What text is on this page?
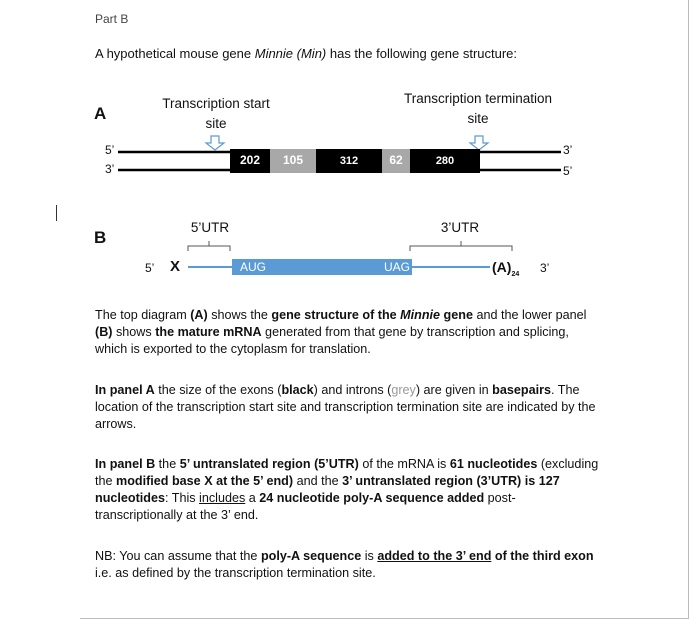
Part B
A hypothetical mouse gene Minnie (Min) has the following gene structure:
A
Transcription start
site
Transcription termination
site
5’
3’
3’
5’
202	105	312	62	280
B
5’UTR	3’UTR
5’ X	AUG	UAG	$(A)_{24}$ 3’
The top diagram (A) shows the gene structure of the Minnie gene and the lower panel (B) shows the mature mRNA generated from that gene by transcription and splicing, which is exported to the cytoplasm for translation.
In panel A the size of the exons (black) and introns (grey) are given in basepairs. The location of the transcription start site and transcription termination site are indicated by the arrows.
In panel B the 5’ untranslated region (5’UTR) of the mRNA is 61 nucleotides (excluding the modified base X at the 5’ end) and the 3’ untranslated region (3’UTR) is 127 nucleotides: This includes a 24 nucleotide poly-A sequence added post-transcriptionally at the 3’ end.
NB: You can assume that the poly-A sequence is added to the 3’ end of the third exon i.e. as defined by the transcription termination site.
